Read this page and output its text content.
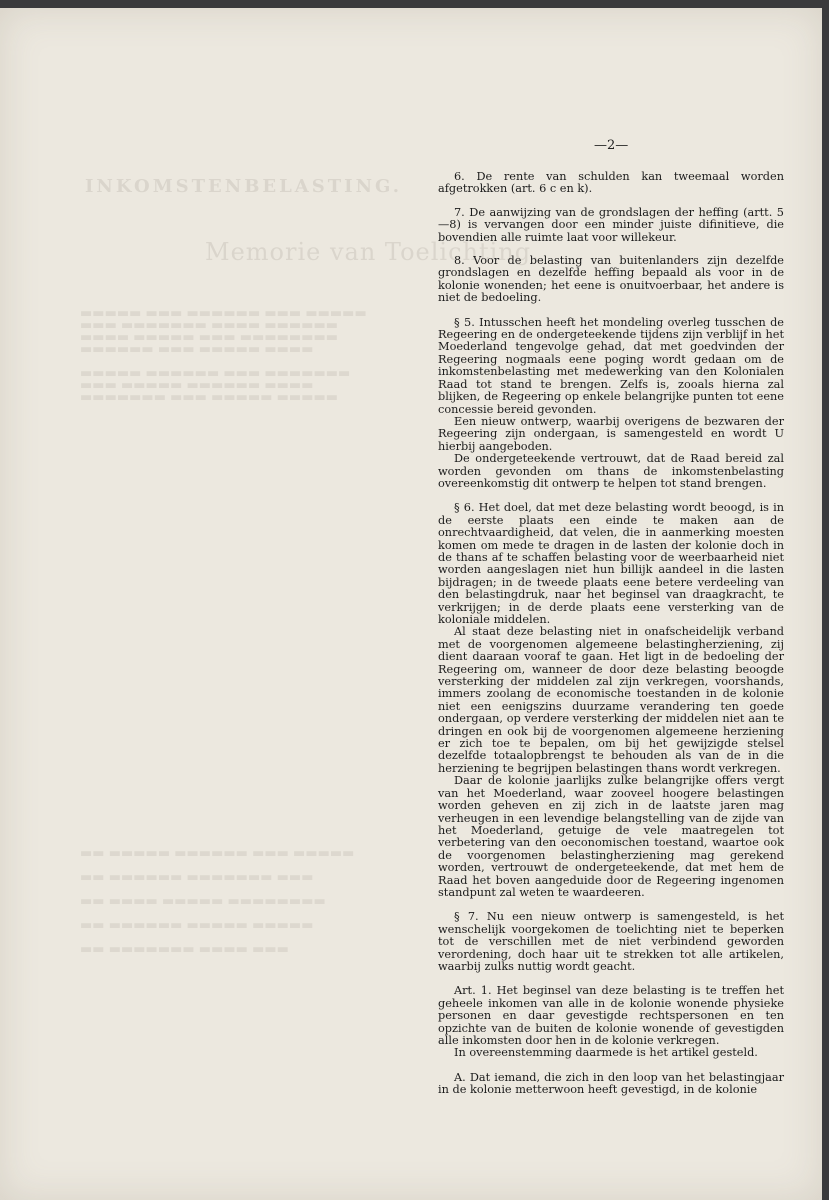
INKOMSTENBELASTING.
Memorie van Toelichting.
▬▬▬▬▬ ▬▬▬ ▬▬▬▬▬▬ ▬▬▬ ▬▬▬▬▬
▬▬▬ ▬▬▬▬▬▬▬ ▬▬▬▬ ▬▬▬▬▬▬
▬▬▬▬ ▬▬▬▬▬ ▬▬▬ ▬▬▬▬▬▬▬▬
▬▬▬▬▬▬ ▬▬▬ ▬▬▬▬▬ ▬▬▬▬

▬▬▬▬▬ ▬▬▬▬▬▬ ▬▬▬ ▬▬▬▬▬▬▬
▬▬▬ ▬▬▬▬▬ ▬▬▬▬▬▬ ▬▬▬▬
▬▬▬▬▬▬▬ ▬▬▬ ▬▬▬▬▬ ▬▬▬▬▬
▬▬ ▬▬▬▬▬ ▬▬▬▬▬▬ ▬▬▬ ▬▬▬▬▬

▬▬ ▬▬▬▬▬▬ ▬▬▬▬▬▬▬ ▬▬▬

▬▬ ▬▬▬▬ ▬▬▬▬▬ ▬▬▬▬▬▬▬▬

▬▬ ▬▬▬▬▬▬ ▬▬▬▬▬ ▬▬▬▬▬

▬▬ ▬▬▬▬▬▬▬ ▬▬▬▬ ▬▬▬
—2—

6. De rente van schulden kan tweemaal worden afgetrokken (art. 6 c en k).

7. De aanwijzing van de grondslagen der heffing (artt. 5—8) is vervangen door een minder juiste difinitieve, die bovendien alle ruimte laat voor willekeur.

8. Voor de belasting van buitenlanders zijn dezelfde grondslagen en dezelfde heffing bepaald als voor in de kolonie wonenden; het eene is onuitvoerbaar, het andere is niet de bedoeling.

§ 5. Intusschen heeft het mondeling overleg tusschen de Regeering en de ondergeteekende tijdens zijn verblijf in het Moederland tengevolge gehad, dat met goedvinden der Regeering nogmaals eene poging wordt gedaan om de inkomstenbelasting met medewerking van den Kolonialen Raad tot stand te brengen. Zelfs is, zooals hierna zal blijken, de Regeering op enkele belangrijke punten tot eene concessie bereid gevonden.

Een nieuw ontwerp, waarbij overigens de bezwaren der Regeering zijn ondergaan, is samengesteld en wordt U hierbij aangeboden.

De ondergeteekende vertrouwt, dat de Raad bereid zal worden gevonden om thans de inkomstenbelasting overeenkomstig dit ontwerp te helpen tot stand brengen.

§ 6. Het doel, dat met deze belasting wordt beoogd, is in de eerste plaats een einde te maken aan de onrechtvaardigheid, dat velen, die in aanmerking moesten komen om mede te dragen in de lasten der kolonie doch in de thans af te schaffen belasting voor de weerbaarheid niet worden aangeslagen niet hun billijk aandeel in die lasten bijdragen; in de tweede plaats eene betere verdeeling van den belastingdruk, naar het beginsel van draagkracht, te verkrijgen; in de derde plaats eene versterking van de koloniale middelen.

Al staat deze belasting niet in onafscheidelijk verband met de voorgenomen algemeene belastingherziening, zij dient daaraan vooraf te gaan. Het ligt in de bedoeling der Regeering om, wanneer de door deze belasting beoogde versterking der middelen zal zijn verkregen, voorshands, immers zoolang de economische toestanden in de kolonie niet een eenigszins duurzame verandering ten goede ondergaan, op verdere versterking der middelen niet aan te dringen en ook bij de voorgenomen algemeene herziening er zich toe te bepalen, om bij het gewijzigde stelsel dezelfde totaalopbrengst te behouden als van de in die herziening te begrijpen belastingen thans wordt verkregen.

Daar de kolonie jaarlijks zulke belangrijke offers vergt van het Moederland, waar zooveel hoogere belastingen worden geheven en zij zich in de laatste jaren mag verheugen in een levendige belangstelling van de zijde van het Moederland, getuige de vele maatregelen tot verbetering van den oeconomischen toestand, waartoe ook de voorgenomen belastingherziening mag gerekend worden, vertrouwt de ondergeteekende, dat met hem de Raad het boven aangeduide door de Regeering ingenomen standpunt zal weten te waardeeren.

§ 7. Nu een nieuw ontwerp is samengesteld, is het wenschelijk voorgekomen de toelichting niet te beperken tot de verschillen met de niet verbindend geworden verordening, doch haar uit te strekken tot alle artikelen, waarbij zulks nuttig wordt geacht.

Art. 1. Het beginsel van deze belasting is te treffen het geheele inkomen van alle in de kolonie wonende physieke personen en daar gevestigde rechtspersonen en ten opzichte van de buiten de kolonie wonende of gevestigden alle inkomsten door hen in de kolonie verkregen.

In overeenstemming daarmede is het artikel gesteld.

A. Dat iemand, die zich in den loop van het belastingjaar in de kolonie metterwoon heeft gevestigd, in de kolonie
